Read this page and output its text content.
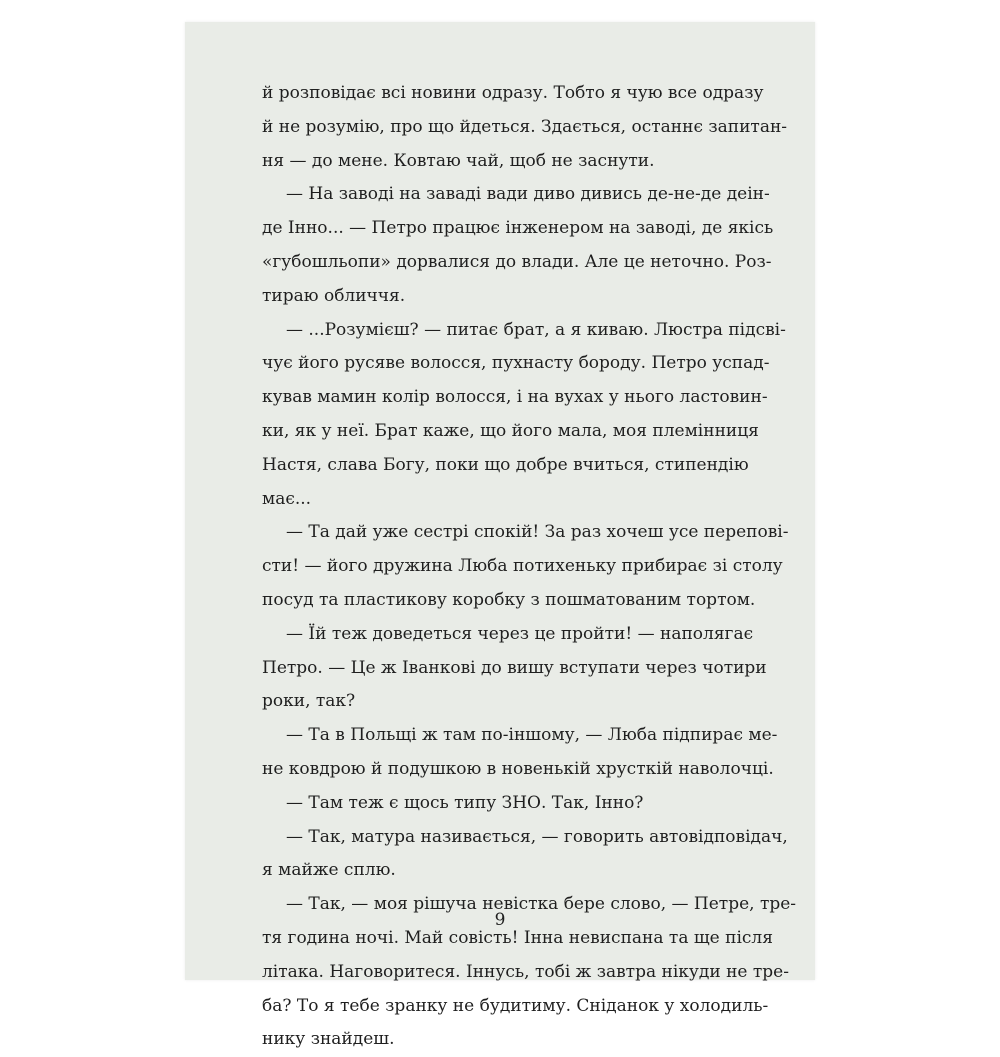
й розповідає всі новини одразу. Тобто я чую все одразу
й не розумію, про що йдеться. Здається, останнє запитан-
ня — до мене. Ковтаю чай, щоб не заснути.
— На заводі на заваді вади диво дивись де-не-де деін-
де Інно... — Петро працює інженером на заводі, де якісь
«губошльопи» дорвалися до влади. Але це неточно. Роз-
тираю обличчя.
— ...Розумієш? — питає брат, а я киваю. Люстра підсві-
чує його русяве волосся, пухнасту бороду. Петро успад-
кував мамин колір волосся, і на вухах у нього ластовин-
ки, як у неї. Брат каже, що його мала, моя племінниця
Настя, слава Богу, поки що добре вчиться, стипендію
має...
— Та дай уже сестрі спокій! За раз хочеш усе перепові-
сти! — його дружина Люба потихеньку прибирає зі столу
посуд та пластикову коробку з пошматованим тортом.
— Їй теж доведеться через це пройти! — наполягає
Петро. — Це ж Іванкові до вишу вступати через чотири
роки, так?
— Та в Польщі ж там по-іншому, — Люба підпирає ме-
не ковдрою й подушкою в новенькій хрусткій наволочці.
— Там теж є щось типу ЗНО. Так, Інно?
— Так, матура називається, — говорить автовідповідач,
я майже сплю.
— Так, — моя рішуча невістка бере слово, — Петре, тре-
тя година ночі. Май совість! Інна невиспана та ще після
літака. Наговоритеся. Іннусь, тобі ж завтра нікуди не тре-
ба? То я тебе зранку не будитиму. Сніданок у холодиль-
нику знайдеш.
9
